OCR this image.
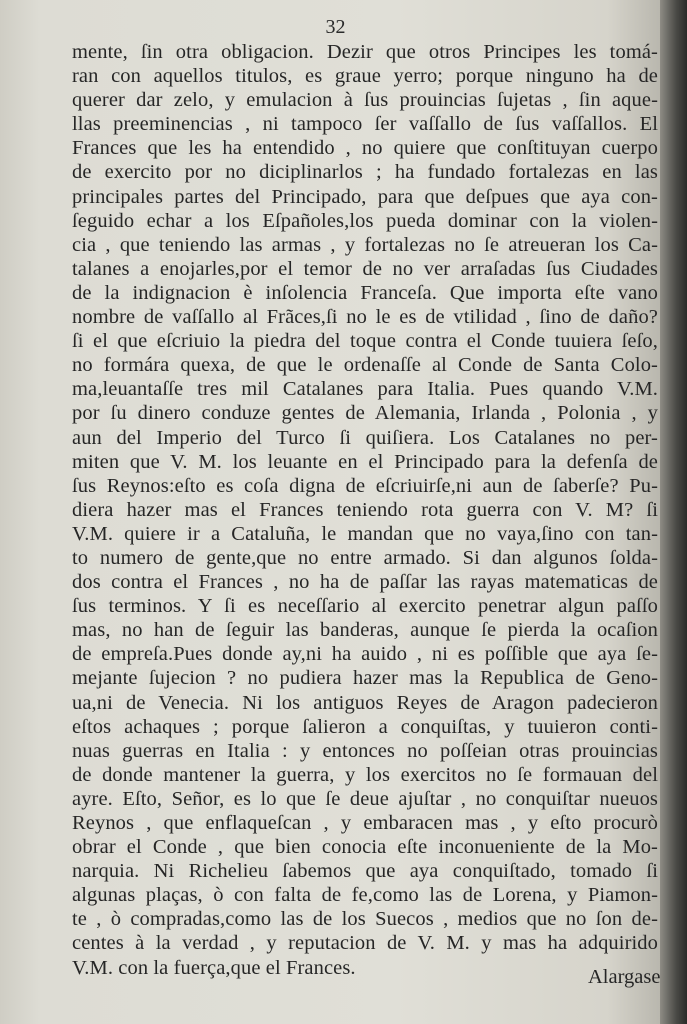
32
mente, ſin otra obligacion. Dezir que otros Principes les tomá-
ran con aquellos titulos, es graue yerro; porque ninguno ha de
querer dar zelo, y emulacion à ſus prouincias ſujetas , ſin aque-
llas preeminencias , ni tampoco ſer vaſſallo de ſus vaſſallos. El
Frances que les ha entendido , no quiere que conſtituyan cuerpo
de exercito por no diciplinarlos ; ha fundado fortalezas en las
principales partes del Principado, para que deſpues que aya con-
ſeguido echar a los Eſpañoles,los pueda dominar con la violen-
cia , que teniendo las armas , y fortalezas no ſe atreueran los Ca-
talanes a enojarles,por el temor de no ver arraſadas ſus Ciudades
de la indignacion è inſolencia Franceſa. Que importa eſte vano
nombre de vaſſallo al Frãces,ſi no le es de vtilidad , ſino de daño?
ſi el que eſcriuio la piedra del toque contra el Conde tuuiera ſeſo,
no formára quexa, de que le ordenaſſe al Conde de Santa Colo-
ma,leuantaſſe tres mil Catalanes para Italia. Pues quando V.M.
por ſu dinero conduze gentes de Alemania, Irlanda , Polonia , y
aun del Imperio del Turco ſi quiſiera. Los Catalanes no per-
miten que V. M. los leuante en el Principado para la defenſa de
ſus Reynos:eſto es coſa digna de eſcriuirſe,ni aun de ſaberſe? Pu-
diera hazer mas el Frances teniendo rota guerra con V. M? ſi
V.M. quiere ir a Cataluña, le mandan que no vaya,ſino con tan-
to numero de gente,que no entre armado. Si dan algunos ſolda-
dos contra el Frances , no ha de paſſar las rayas matematicas de
ſus terminos. Y ſi es neceſſario al exercito penetrar algun paſſo
mas, no han de ſeguir las banderas, aunque ſe pierda la ocaſion
de empreſa.Pues donde ay,ni ha auido , ni es poſſible que aya ſe-
mejante ſujecion ? no pudiera hazer mas la Republica de Geno-
ua,ni de Venecia. Ni los antiguos Reyes de Aragon padecieron
eſtos achaques ; porque ſalieron a conquiſtas, y tuuieron conti-
nuas guerras en Italia : y entonces no poſſeian otras prouincias
de donde mantener la guerra, y los exercitos no ſe formauan del
ayre. Eſto, Señor, es lo que ſe deue ajuſtar , no conquiſtar nueuos
Reynos , que enflaqueſcan , y embaracen mas , y eſto procurò
obrar el Conde , que bien conocia eſte inconueniente de la Mo-
narquia. Ni Richelieu ſabemos que aya conquiſtado, tomado ſi
algunas plaças, ò con falta de fe,como las de Lorena, y Piamon-
te , ò compradas,como las de los Suecos , medios que no ſon de-
centes à la verdad , y reputacion de V. M. y mas ha adquirido
V.M. con la fuerça,que el Frances.	Alargase
